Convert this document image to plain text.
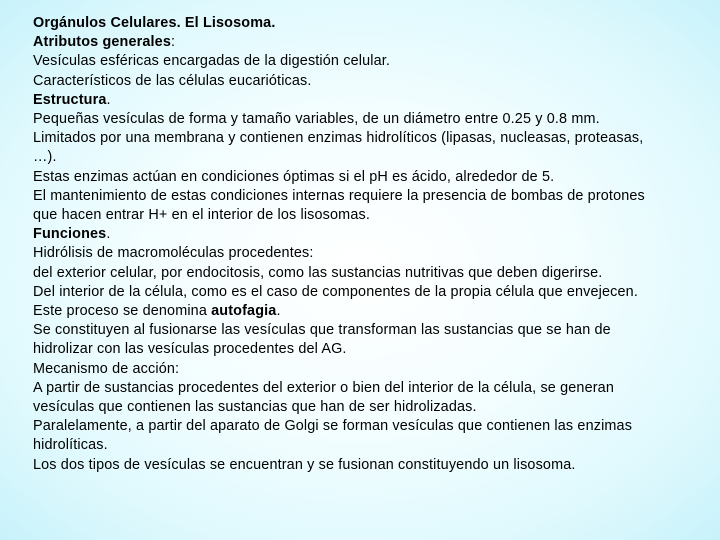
Orgánulos Celulares. El Lisosoma.
Atributos generales:
Vesículas esféricas encargadas de la digestión celular.
Característicos de las células eucarióticas.
Estructura.
Pequeñas vesículas de forma y tamaño variables, de un diámetro entre 0.25 y 0.8 mm.
Limitados por una membrana y contienen enzimas hidrolíticos (lipasas, nucleasas, proteasas,
…).
Estas enzimas actúan en condiciones óptimas si el pH es ácido, alrededor de 5.
El mantenimiento de estas condiciones internas requiere la presencia de bombas de protones
que hacen entrar H+ en el interior de los lisosomas.
Funciones.
Hidrólisis de macromoléculas procedentes:
del exterior celular, por endocitosis, como las sustancias nutritivas que deben digerirse.
Del interior de la célula, como es el caso de componentes de la propia célula que envejecen.
Este proceso se denomina autofagia.
Se constituyen al fusionarse las vesículas que transforman las sustancias que se han de
hidrolizar con las vesículas procedentes del AG.
Mecanismo de acción:
A partir de sustancias procedentes del exterior o bien del interior de la célula, se generan
vesículas que contienen las sustancias que han de ser hidrolizadas.
Paralelamente, a partir del aparato de Golgi se forman vesículas que contienen las enzimas
hidrolíticas.
Los dos tipos de vesículas se encuentran y se fusionan constituyendo un lisosoma.
